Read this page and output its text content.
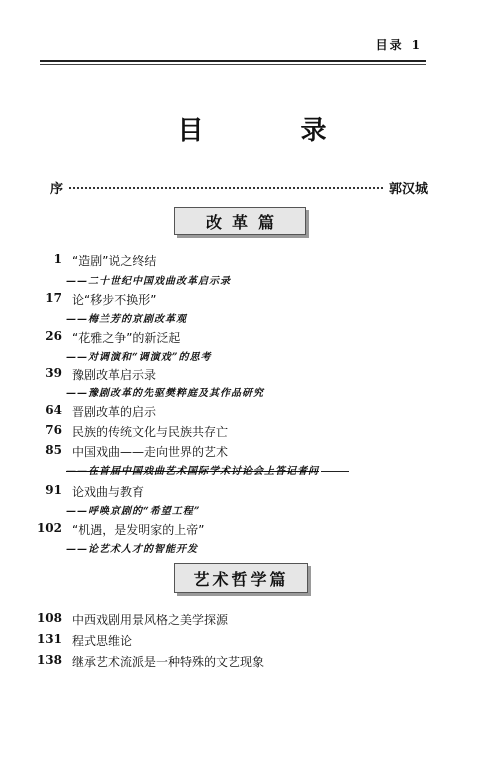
目录 1
目 录
序	郭汉城
改革篇
1 “造剧”说之终结
——二十世纪中国戏曲改革启示录
17 论“移步不换形”
——梅兰芳的京剧改革观
26 “花雅之争”的新泛起
——对调演和“调演戏”的思考
39 豫剧改革启示录
——豫剧改革的先驱樊粹庭及其作品研究
64 晋剧改革的启示
76 民族的传统文化与民族共存亡
85 中国戏曲——走向世界的艺术
——在首届中国戏曲艺术国际学术讨论会上答记者问
91 论戏曲与教育
——呼唤京剧的“希望工程”
102 “机遇，是发明家的上帝”
——论艺术人才的智能开发
艺术哲学篇
108 中西戏剧用景风格之美学探源
131 程式思维论
138 继承艺术流派是一种特殊的文艺现象
